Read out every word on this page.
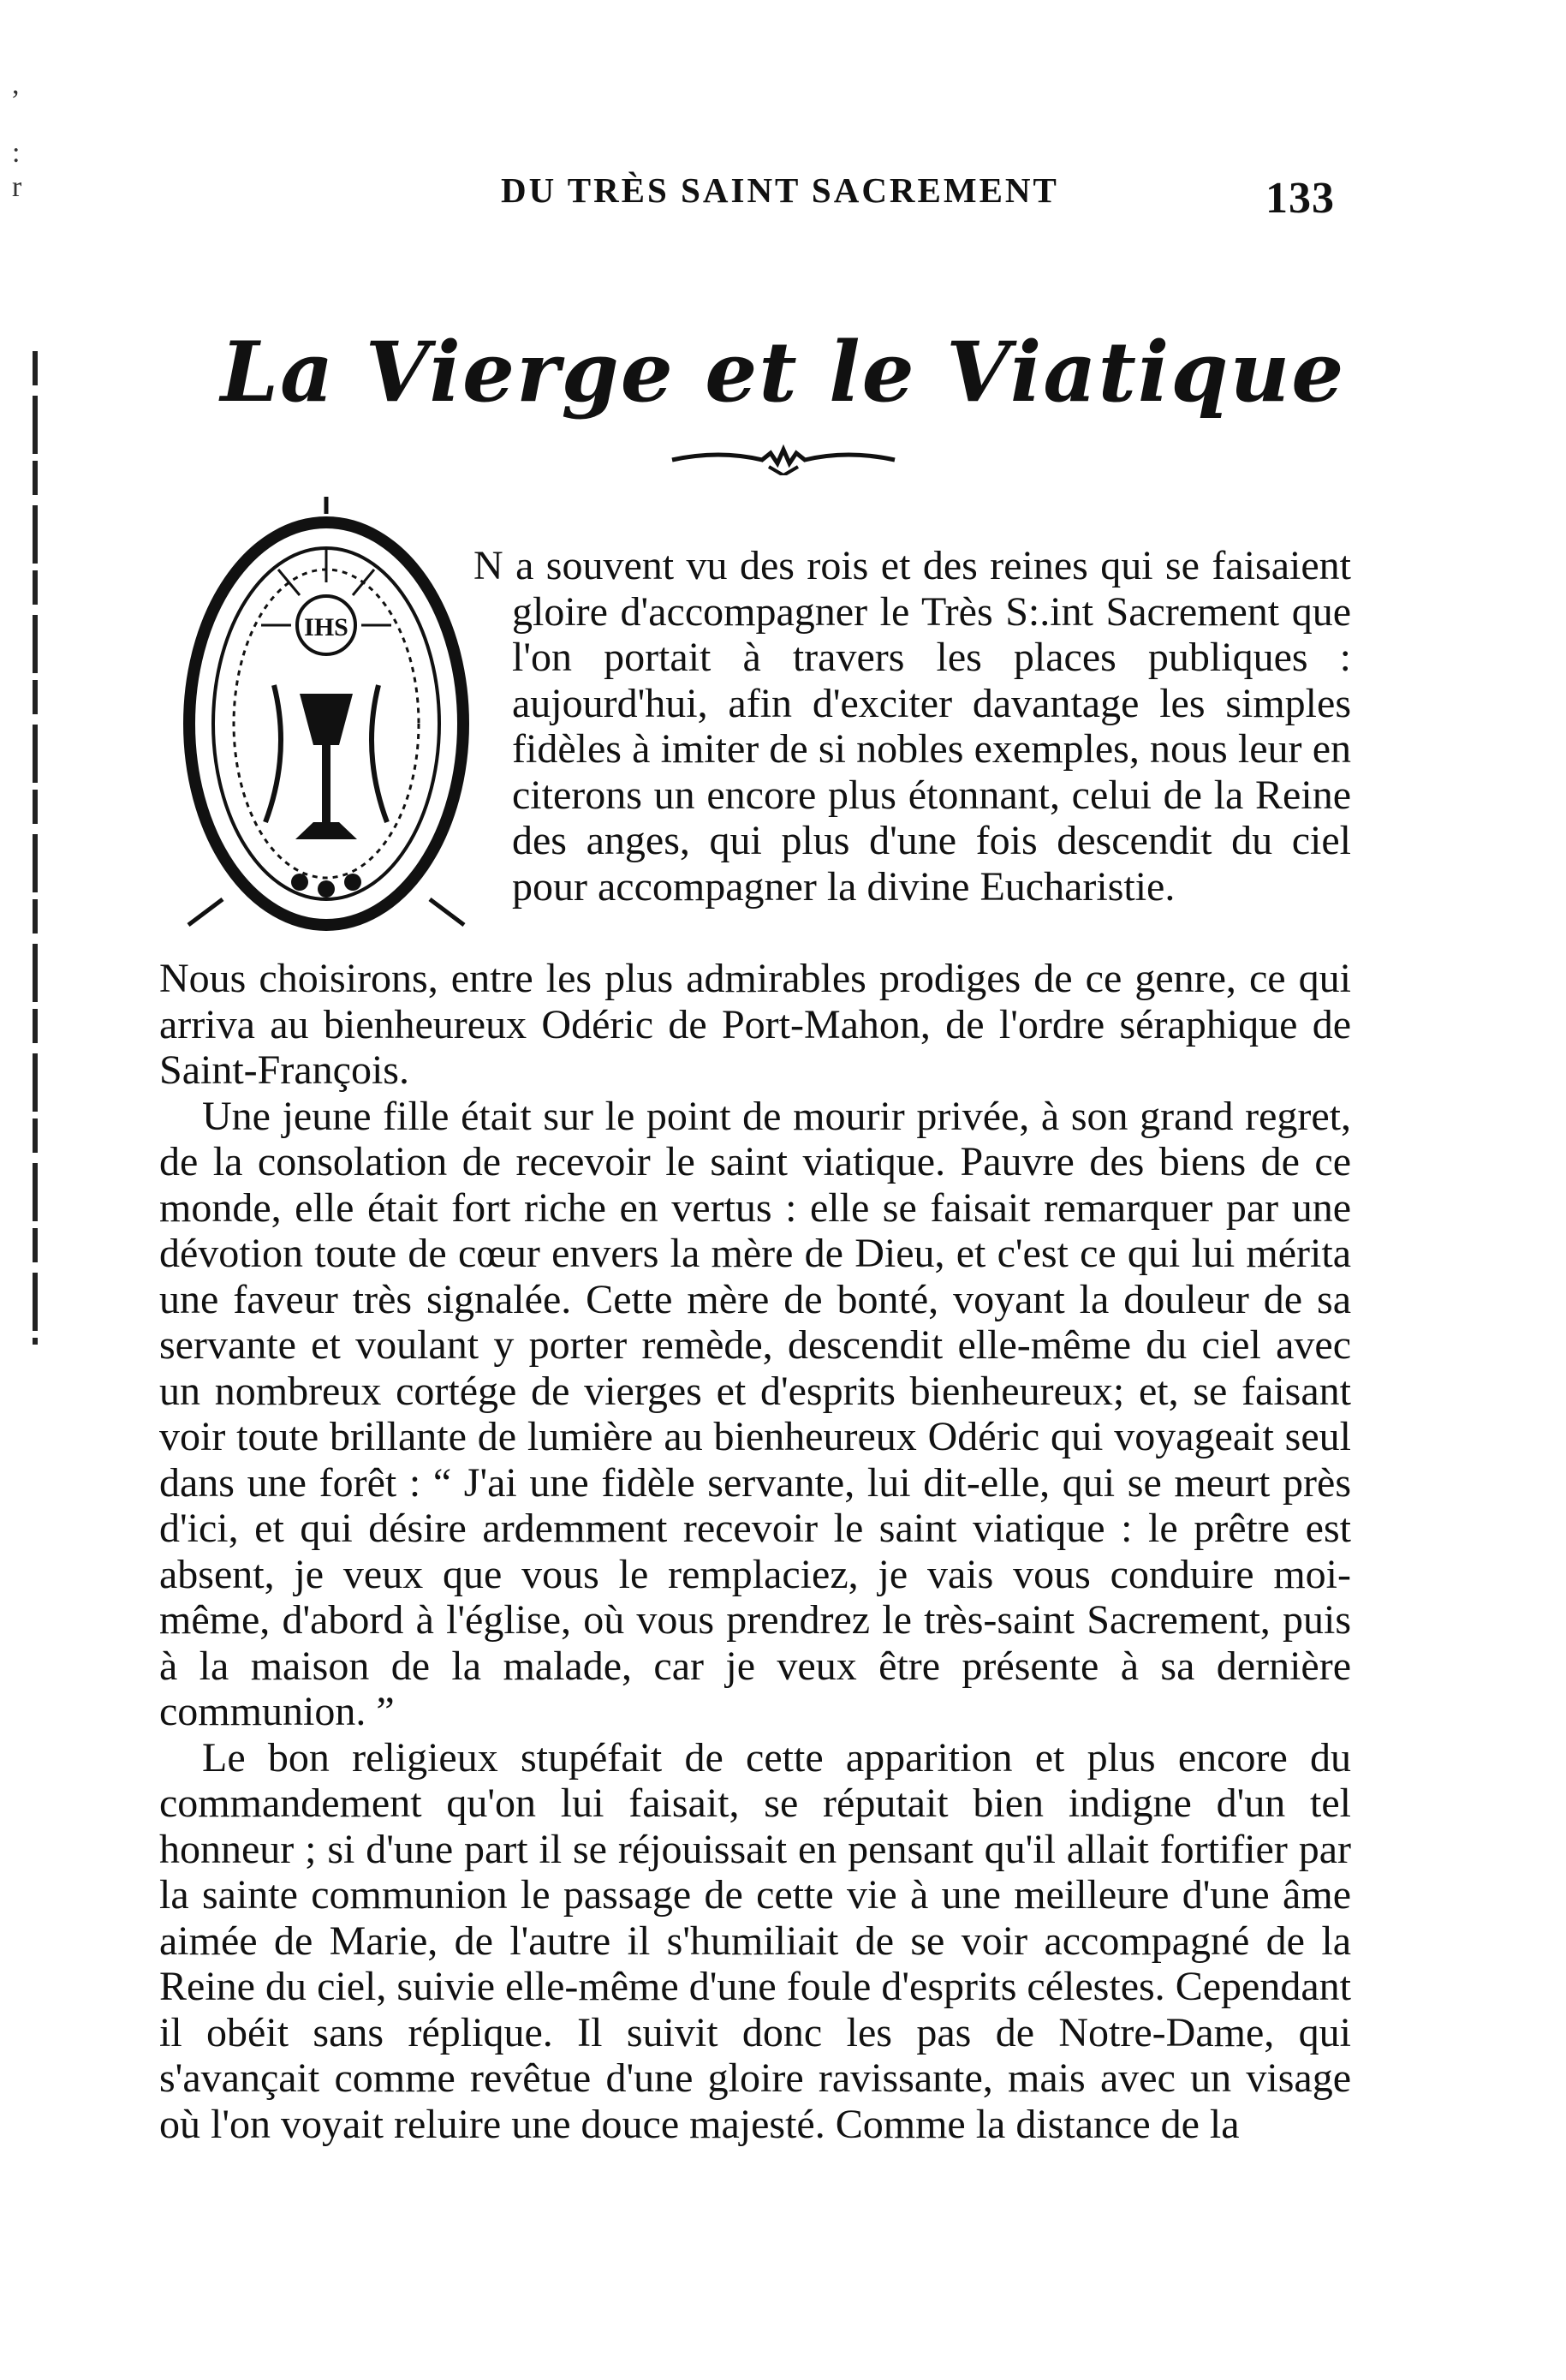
,
:
r	DU TRÈS SAINT SACREMENT	133
La Vierge et le Viatique
IHS

N a souvent vu des rois et des reines qui se faisaient gloire d'accompagner le Très S:.int Sacrement que l'on portait à travers les places publiques : aujourd'hui, afin d'exciter davantage les simples fidèles à imiter de si nobles exemples, nous leur en citerons un encore plus étonnant, celui de la Reine des anges, qui plus d'une fois descendit du ciel pour accompagner la divine Eucharistie.

Nous choisirons, entre les plus admirables prodiges de ce genre, ce qui arriva au bienheureux Odéric de Port-Mahon, de l'ordre séraphique de Saint-François.

Une jeune fille était sur le point de mourir privée, à son grand regret, de la consolation de recevoir le saint viatique. Pauvre des biens de ce monde, elle était fort riche en vertus : elle se faisait remarquer par une dévotion toute de cœur envers la mère de Dieu, et c'est ce qui lui mérita une faveur très signalée. Cette mère de bonté, voyant la douleur de sa servante et voulant y porter remède, descendit elle-même du ciel avec un nombreux cortége de vierges et d'esprits bienheureux; et, se faisant voir toute brillante de lumière au bienheureux Odéric qui voyageait seul dans une forêt : “ J'ai une fidèle servante, lui dit-elle, qui se meurt près d'ici, et qui désire ardemment recevoir le saint viatique : le prêtre est absent, je veux que vous le remplaciez, je vais vous conduire moi-même, d'abord à l'église, où vous prendrez le très-saint Sacrement, puis à la maison de la malade, car je veux être présente à sa dernière communion. ”

Le bon religieux stupéfait de cette apparition et plus encore du commandement qu'on lui faisait, se réputait bien indigne d'un tel honneur ; si d'une part il se réjouissait en pensant qu'il allait fortifier par la sainte communion le passage de cette vie à une meilleure d'une âme aimée de Marie, de l'autre il s'humiliait de se voir accompagné de la Reine du ciel, suivie elle-même d'une foule d'esprits célestes. Cependant il obéit sans réplique. Il suivit donc les pas de Notre-Dame, qui s'avançait comme revêtue d'une gloire ravissante, mais avec un visage où l'on voyait reluire une douce majesté. Comme la distance de la
